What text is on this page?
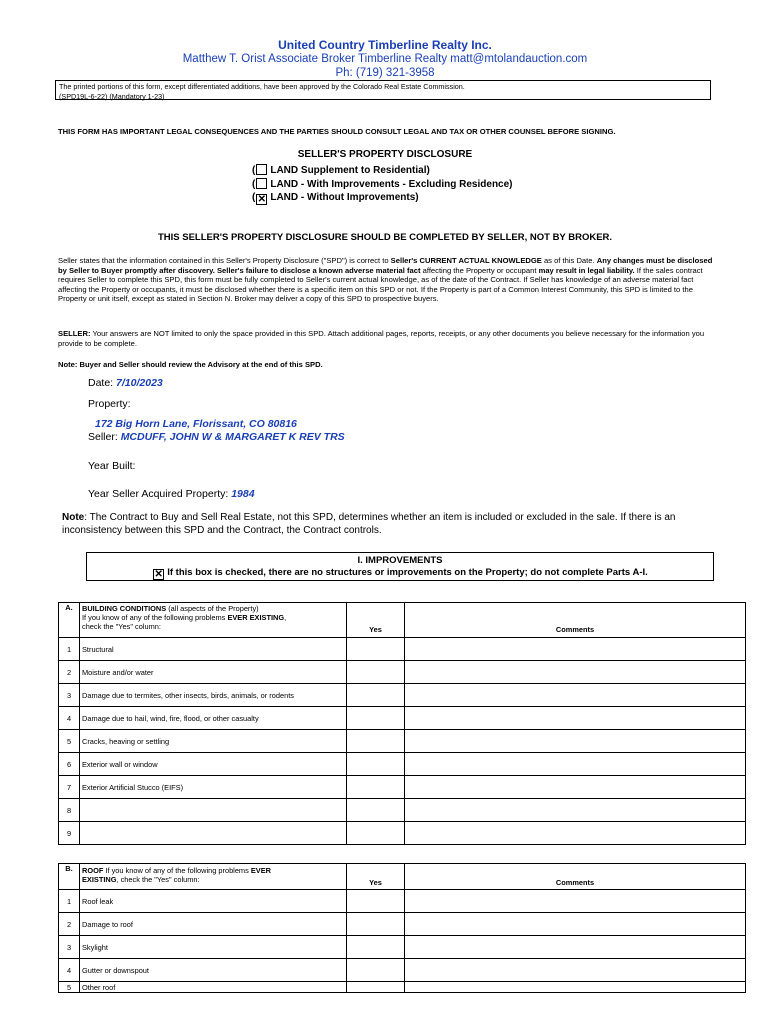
United Country Timberline Realty Inc.
Matthew T. Orist Associate Broker Timberline Realty matt@mtolandauction.com
Ph: (719) 321-3958
The printed portions of this form, except differentiated additions, have been approved by the Colorado Real Estate Commission.
(SPD19L-6-22) (Mandatory 1-23)
THIS FORM HAS IMPORTANT LEGAL CONSEQUENCES AND THE PARTIES SHOULD CONSULT LEGAL AND TAX OR OTHER COUNSEL BEFORE SIGNING.
SELLER'S PROPERTY DISCLOSURE
( LAND Supplement to Residential)
( LAND - With Improvements - Excluding Residence)
( ✕ LAND - Without Improvements)
THIS SELLER'S PROPERTY DISCLOSURE SHOULD BE COMPLETED BY SELLER, NOT BY BROKER.
Seller states that the information contained in this Seller's Property Disclosure ("SPD") is correct to Seller's CURRENT ACTUAL KNOWLEDGE as of this Date. Any changes must be disclosed by Seller to Buyer promptly after discovery. Seller's failure to disclose a known adverse material fact affecting the Property or occupant may result in legal liability. If the sales contract requires Seller to complete this SPD, this form must be fully completed to Seller's current actual knowledge, as of the date of the Contract. If Seller has knowledge of an adverse material fact affecting the Property or occupants, it must be disclosed whether there is a specific item on this SPD or not. If the Property is part of a Common Interest Community, this SPD is limited to the Property or unit itself, except as stated in Section N. Broker may deliver a copy of this SPD to prospective buyers.
SELLER: Your answers are NOT limited to only the space provided in this SPD. Attach additional pages, reports, receipts, or any other documents you believe necessary for the information you provide to be complete.
Note: Buyer and Seller should review the Advisory at the end of this SPD.
Date: 7/10/2023
Property:
172 Big Horn Lane, Florissant, CO 80816
Seller: MCDUFF, JOHN W & MARGARET K REV TRS
Year Built:
Year Seller Acquired Property: 1984
Note: The Contract to Buy and Sell Real Estate, not this SPD, determines whether an item is included or excluded in the sale. If there is an inconsistency between this SPD and the Contract, the Contract controls.
I. IMPROVEMENTS
✕ If this box is checked, there are no structures or improvements on the Property; do not complete Parts A-I.
A.	BUILDING CONDITIONS (all aspects of the Property)
If you know of any of the following problems EVER EXISTING,
check the "Yes" column:	Yes	Comments
1	Structural		
2	Moisture and/or water		
3	Damage due to termites, other insects, birds, animals, or rodents		
4	Damage due to hail, wind, fire, flood, or other casualty		
5	Cracks, heaving or settling		
6	Exterior wall or window		
7	Exterior Artificial Stucco (EIFS)		
8			
9			
B.	ROOF If you know of any of the following problems EVER
EXISTING, check the "Yes" column:	Yes	Comments
1	Roof leak		
2	Damage to roof		
3	Skylight		
4	Gutter or downspout		
5	Other roof		
